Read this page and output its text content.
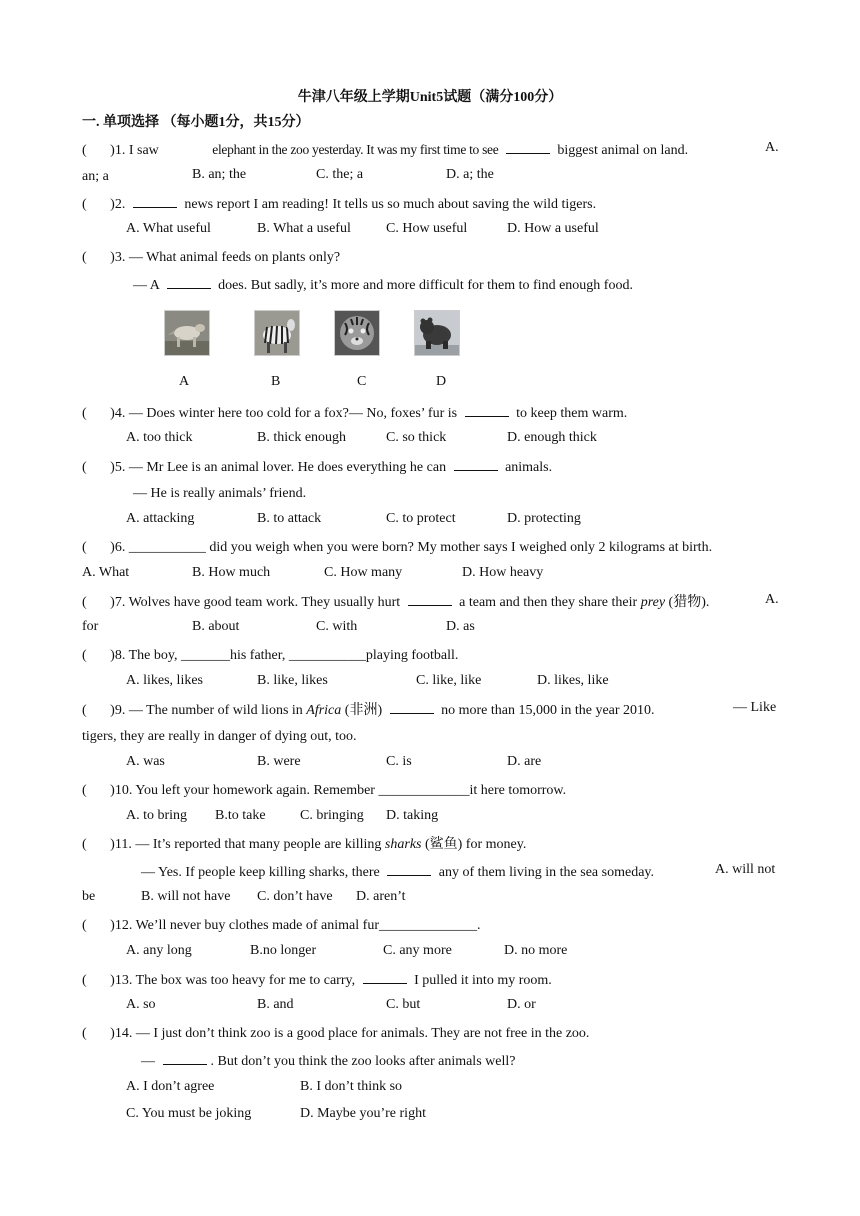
牛津八年级上学期Unit5试题（满分100分）
一. 单项选择 （每小题1分，共15分）
( )1. I saw	elephant in the zoo yesterday. It was my first time to see	biggest animal on land.	A.
an; a	B. an; the	C. the; a	D. a; the
( )2.	news report I am reading! It tells us so much about saving the wild tigers.
A. What useful	B. What a useful	C. How useful	D. How a useful
( )3. — What animal feeds on plants only?
— A	does. But sadly, it’s more and more difficult for them to find enough food.
A	B	C	D
( )4. — Does winter here too cold for a fox?— No, foxes’ fur is	to keep them warm.
A. too thick	B. thick enough	C. so thick	D. enough thick
( )5. — Mr Lee is an animal lover. He does everything he can	animals.
— He is really animals’ friend.
A. attacking	B. to attack	C. to protect	D. protecting
( )6. ___________ did you weigh when you were born? My mother says I weighed only 2 kilograms at birth.
A. What	B. How much	C. How many	D. How heavy
( )7. Wolves have good team work. They usually hurt	a team and then they share their prey (猎物).	A.
for	B. about	C. with	D. as
( )8. The boy, _______his father, ___________playing football.
A. likes, likes	B. like, likes	C. like, like	D. likes, like
( )9. — The number of wild lions in Africa (非洲)	no more than 15,000 in the year 2010.	— Like
tigers, they are really in danger of dying out, too.
A. was	B. were	C. is	D. are
( )10. You left your homework again. Remember _____________it here tomorrow.
A. to bring B.to take C. bringing D. taking
( )11. — It’s reported that many people are killing sharks (鲨鱼) for money.
— Yes. If people keep killing sharks, there	any of them living in the sea someday.	A. will not
be	B. will not have C. don’t have D. aren’t
( )12. We’ll never buy clothes made of animal fur______________.
A. any long	B.no longer	C. any more	D. no more
( )13. The box was too heavy for me to carry,	I pulled it into my room.
A. so	B. and	C. but	D. or
( )14. — I just don’t think zoo is a good place for animals. They are not free in the zoo.
—	. But don’t you think the zoo looks after animals well?
A. I don’t agree	B. I don’t think so
C. You must be joking	D. Maybe you’re right
